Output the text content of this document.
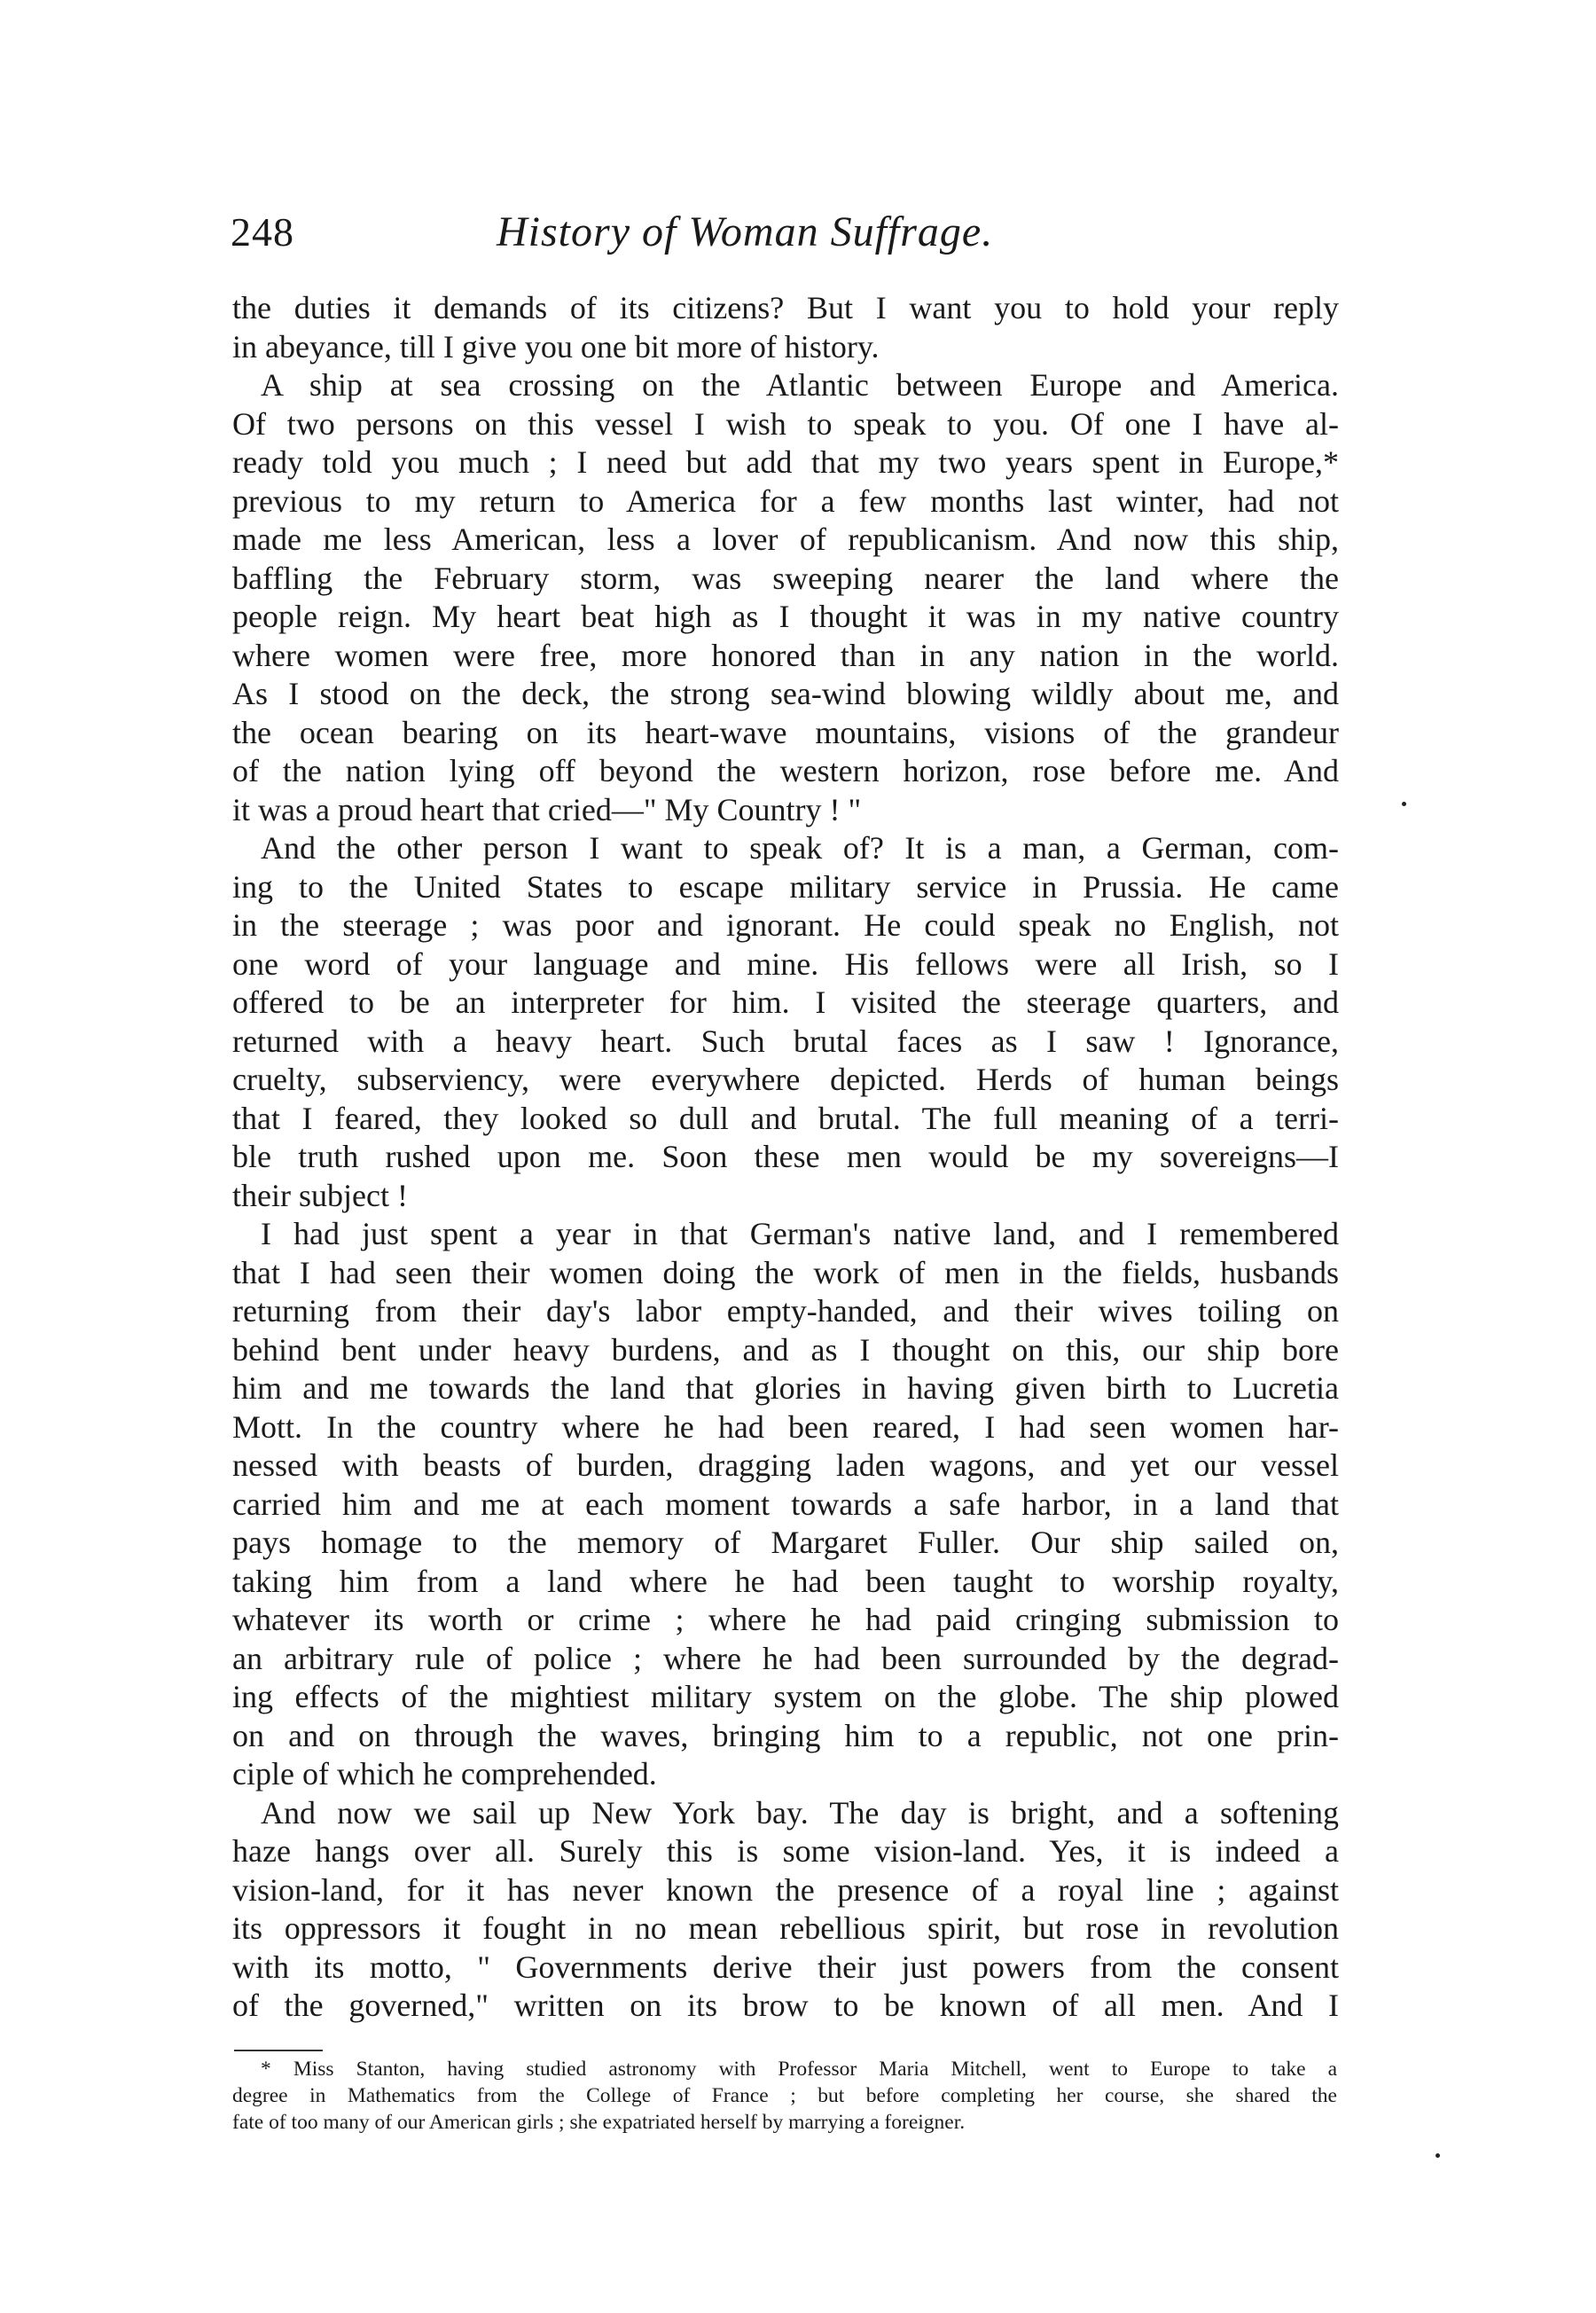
248	History of Woman Suffrage.
the duties it demands of its citizens? But I want you to hold your reply
in abeyance, till I give you one bit more of history.
A ship at sea crossing on the Atlantic between Europe and America.
Of two persons on this vessel I wish to speak to you. Of one I have al-
ready told you much ; I need but add that my two years spent in Europe,*
previous to my return to America for a few months last winter, had not
made me less American, less a lover of republicanism. And now this ship,
baffling the February storm, was sweeping nearer the land where the
people reign. My heart beat high as I thought it was in my native country
where women were free, more honored than in any nation in the world.
As I stood on the deck, the strong sea-wind blowing wildly about me, and
the ocean bearing on its heart-wave mountains, visions of the grandeur
of the nation lying off beyond the western horizon, rose before me. And
it was a proud heart that cried—" My Country ! "
And the other person I want to speak of? It is a man, a German, com-
ing to the United States to escape military service in Prussia. He came
in the steerage ; was poor and ignorant. He could speak no English, not
one word of your language and mine. His fellows were all Irish, so I
offered to be an interpreter for him. I visited the steerage quarters, and
returned with a heavy heart. Such brutal faces as I saw ! Ignorance,
cruelty, subserviency, were everywhere depicted. Herds of human beings
that I feared, they looked so dull and brutal. The full meaning of a terri-
ble truth rushed upon me. Soon these men would be my sovereigns—I
their subject !
I had just spent a year in that German's native land, and I remembered
that I had seen their women doing the work of men in the fields, husbands
returning from their day's labor empty-handed, and their wives toiling on
behind bent under heavy burdens, and as I thought on this, our ship bore
him and me towards the land that glories in having given birth to Lucretia
Mott. In the country where he had been reared, I had seen women har-
nessed with beasts of burden, dragging laden wagons, and yet our vessel
carried him and me at each moment towards a safe harbor, in a land that
pays homage to the memory of Margaret Fuller. Our ship sailed on,
taking him from a land where he had been taught to worship royalty,
whatever its worth or crime ; where he had paid cringing submission to
an arbitrary rule of police ; where he had been surrounded by the degrad-
ing effects of the mightiest military system on the globe. The ship plowed
on and on through the waves, bringing him to a republic, not one prin-
ciple of which he comprehended.
And now we sail up New York bay. The day is bright, and a softening
haze hangs over all. Surely this is some vision-land. Yes, it is indeed a
vision-land, for it has never known the presence of a royal line ; against
its oppressors it fought in no mean rebellious spirit, but rose in revolution
with its motto, " Governments derive their just powers from the consent
of the governed," written on its brow to be known of all men. And I
* Miss Stanton, having studied astronomy with Professor Maria Mitchell, went to Europe to take a
degree in Mathematics from the College of France ; but before completing her course, she shared the
fate of too many of our American girls ; she expatriated herself by marrying a foreigner.
